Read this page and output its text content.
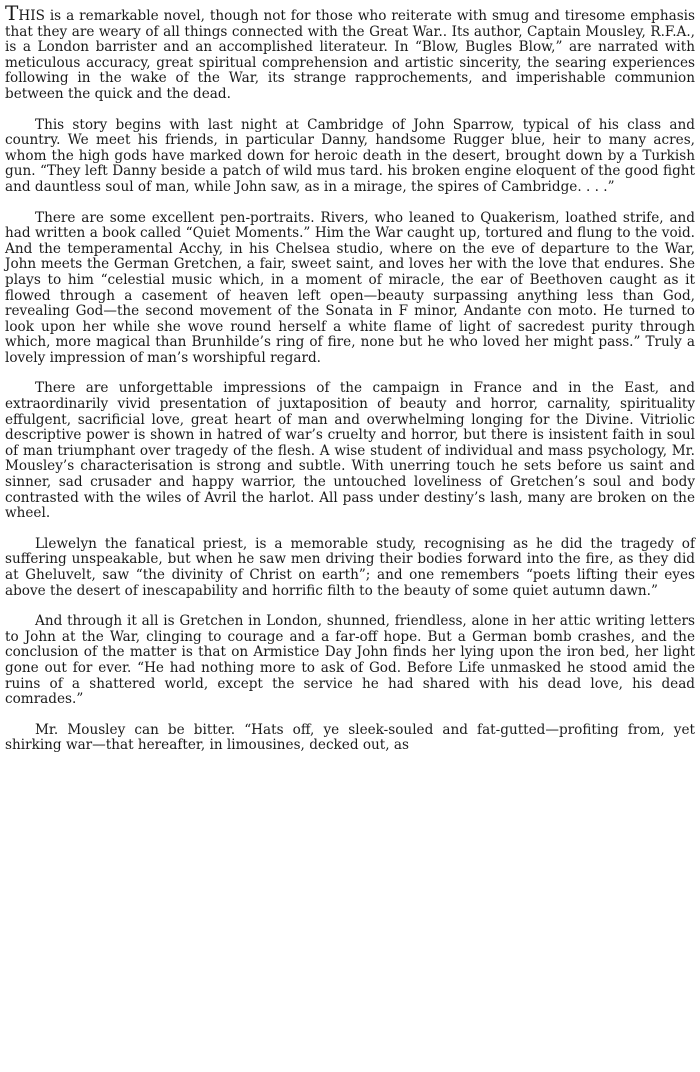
THIS is a remarkable novel, though not for those who reiterate with smug and tiresome emphasis that they are weary of all things connected with the Great War.. Its author, Captain Mousley, R.F.A., is a London barrister and an accomplished literateur. In “Blow, Bugles Blow,” are narrated with meticulous accuracy, great spiritual comprehension and artistic sincerity, the searing experiences following in the wake of the War, its strange rapprochements, and imperishable communion between the quick and the dead.

This story begins with last night at Cambridge of John Sparrow, typical of his class and country. We meet his friends, in particular Danny, handsome Rugger blue, heir to many acres, whom the high gods have marked down for heroic death in the desert, brought down by a Turkish gun. “They left Danny beside a patch of wild mus tard. his broken engine eloquent of the good fight and dauntless soul of man, while John saw, as in a mirage, the spires of Cambridge. . . .”

There are some excellent pen-portraits. Rivers, who leaned to Quakerism, loathed strife, and had written a book called “Quiet Moments.” Him the War caught up, tortured and flung to the void. And the temperamental Acchy, in his Chelsea studio, where on the eve of departure to the War, John meets the German Gretchen, a fair, sweet saint, and loves her with the love that endures. She plays to him “celestial music which, in a moment of miracle, the ear of Beethoven caught as it flowed through a casement of heaven left open—beauty surpassing anything less than God, revealing God—the second movement of the Sonata in F minor, Andante con moto. He turned to look upon her while she wove round herself a white flame of light of sacredest purity through which, more magical than Brunhilde’s ring of fire, none but he who loved her might pass.” Truly a lovely impression of man’s worshipful regard.

There are unforgettable impressions of the campaign in France and in the East, and extraordinarily vivid presentation of juxtaposition of beauty and horror, carnality, spirituality effulgent, sacrificial love, great heart of man and overwhelming longing for the Divine. Vitriolic descriptive power is shown in hatred of war’s cruelty and horror, but there is insistent faith in soul of man triumphant over tragedy of the flesh. A wise student of individual and mass psychology, Mr. Mousley’s characterisation is strong and subtle. With unerring touch he sets before us saint and sinner, sad crusader and happy warrior, the untouched loveliness of Gretchen’s soul and body contrasted with the wiles of Avril the harlot. All pass under destiny’s lash, many are broken on the wheel.

Llewelyn the fanatical priest, is a memorable study, recognising as he did the tragedy of suffering unspeakable, but when he saw men driving their bodies forward into the fire, as they did at Gheluvelt, saw “the divinity of Christ on earth”; and one remembers “poets lifting their eyes above the desert of inescapability and horrific filth to the beauty of some quiet autumn dawn.”

And through it all is Gretchen in London, shunned, friendless, alone in her attic writing letters to John at the War, clinging to courage and a far-off hope. But a German bomb crashes, and the conclusion of the matter is that on Armistice Day John finds her lying upon the iron bed, her light gone out for ever. “He had nothing more to ask of God. Before Life unmasked he stood amid the ruins of a shattered world, except the service he had shared with his dead love, his dead comrades.”

Mr. Mousley can be bitter. “Hats off, ye sleek-souled and fat-gutted—profiting from, yet shirking war—that hereafter, in limousines, decked out, as
